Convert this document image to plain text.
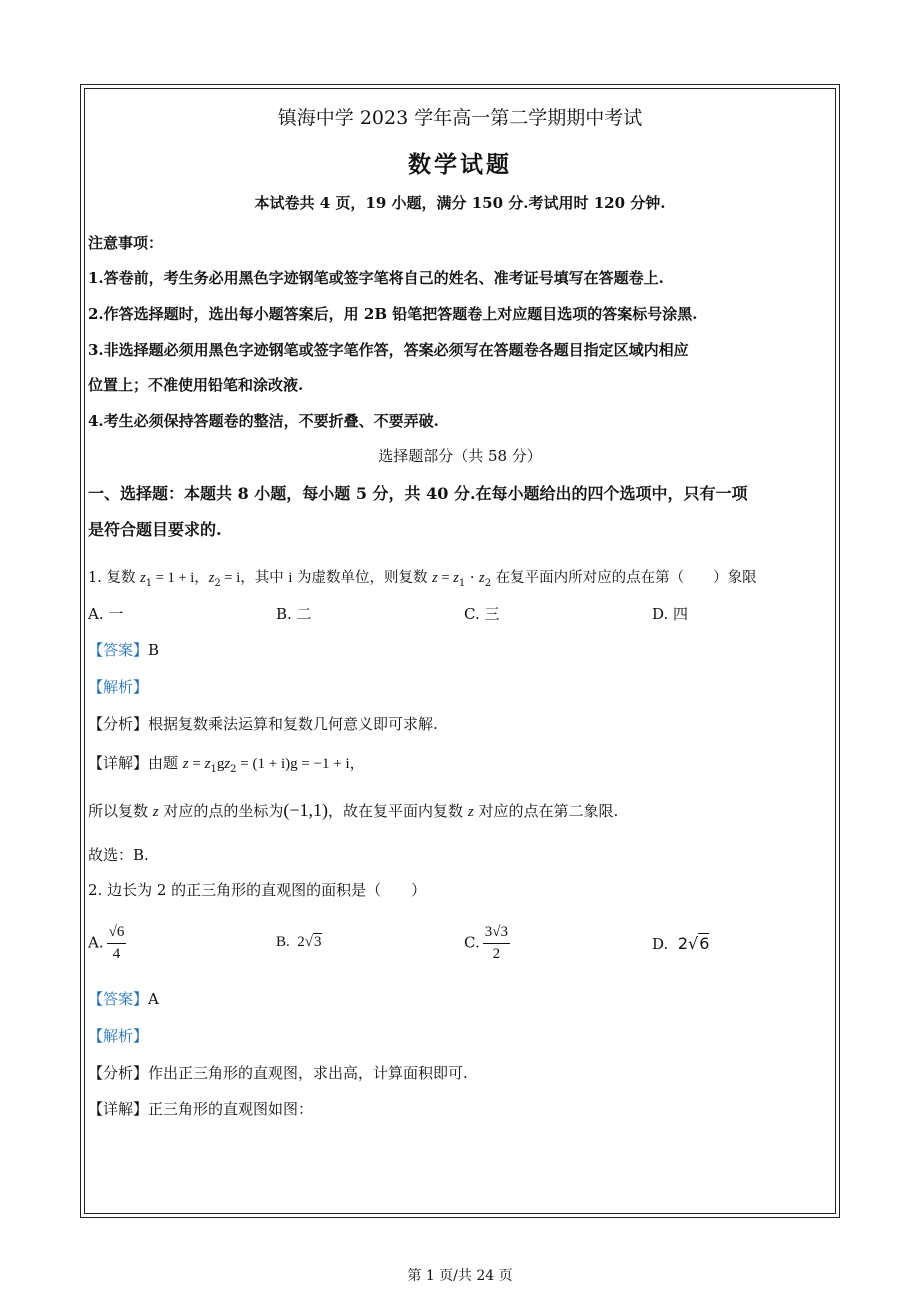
镇海中学 2023 学年高一第二学期期中考试
数学试题
本试卷共 4 页，19 小题，满分 150 分.考试用时 120 分钟.
注意事项：
1.答卷前，考生务必用黑色字迹钢笔或签字笔将自己的姓名、准考证号填写在答题卷上.
2.作答选择题时，选出每小题答案后，用 2B 铅笔把答题卷上对应题目选项的答案标号涂黑.
3.非选择题必须用黑色字迹钢笔或签字笔作答，答案必须写在答题卷各题目指定区域内相应
位置上；不准使用铅笔和涂改液.
4.考生必须保持答题卷的整洁，不要折叠、不要弄破.
选择题部分（共 58 分）
一、选择题：本题共 8 小题，每小题 5 分，共 40 分.在每小题给出的四个选项中，只有一项
是符合题目要求的.
1. 复数 $z_1 = 1 + i$，$z_2 = i$，其中 i 为虚数单位，则复数 $z = z_1 \cdot z_2$ 在复平面内所对应的点在第（　　）象限
A. 一	B. 二	C. 三	D. 四
【答案】B
【解析】
【分析】根据复数乘法运算和复数几何意义即可求解.
【详解】由题 $z = z_1gz_2 = (1 + i)g = -1 + i$，
所以复数 z 对应的点的坐标为(−1,1)，故在复平面内复数 z 对应的点在第二象限.
故选：B.
2. 边长为 2 的正三角形的直观图的面积是（　　）
A. $\frac{√6}{4}$	B. 2√3	C. $\frac{3√3}{2}$	D. 2√6
【答案】A
【解析】
【分析】作出正三角形的直观图，求出高，计算面积即可.
【详解】正三角形的直观图如图：
第 1 页/共 24 页
